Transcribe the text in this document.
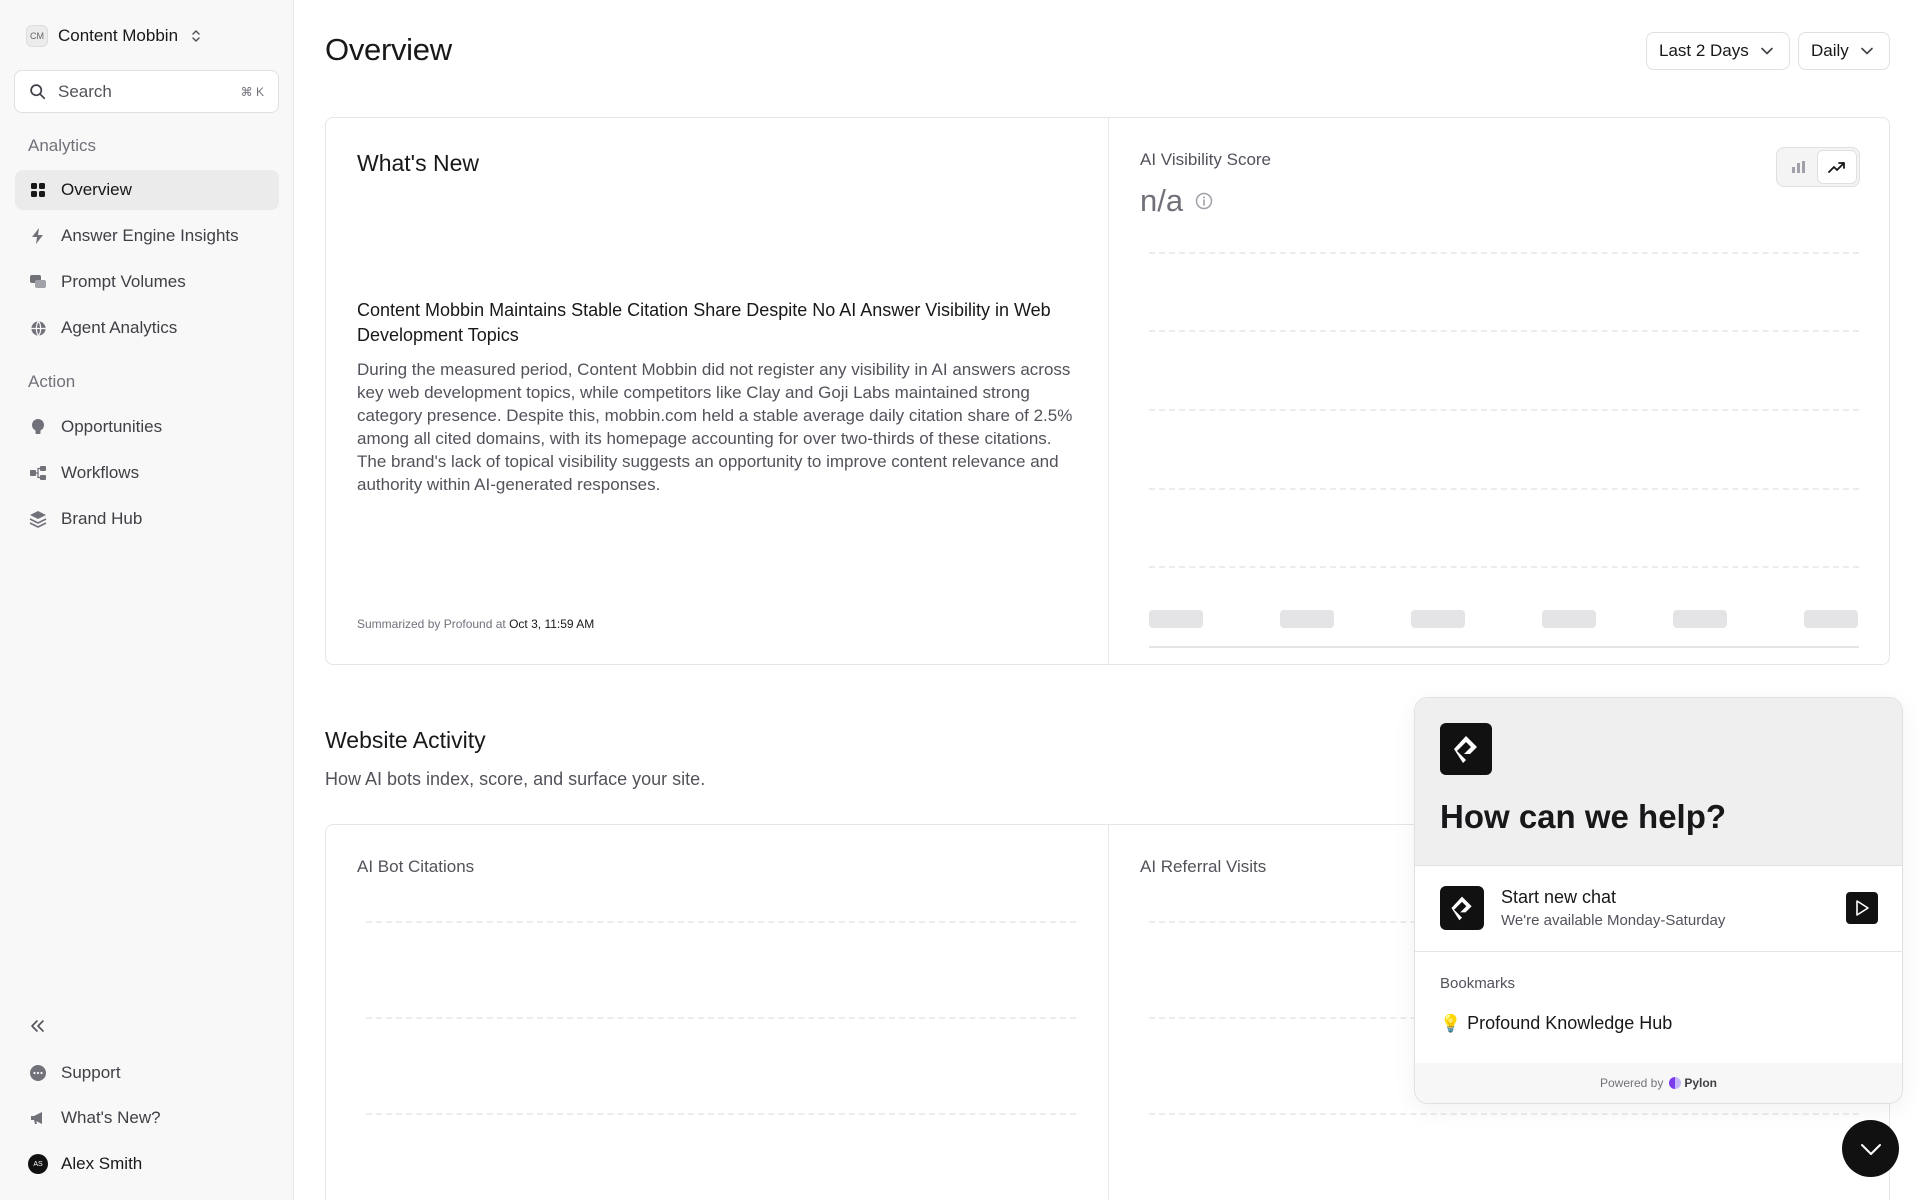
CM Content Mobbin
Search	⌘ K
Analytics
Overview
Answer Engine Insights
Prompt Volumes
Agent Analytics
Action
Opportunities
Workflows
Brand Hub
Support
What's New?
AS	Alex Smith
Overview	Last 2 Days	Daily
What's New
Content Mobbin Maintains Stable Citation Share Despite No AI Answer Visibility in Web Development Topics

During the measured period, Content Mobbin did not register any visibility in AI answers across key web development topics, while competitors like Clay and Goji Labs maintained strong category presence. Despite this, mobbin.com held a stable average daily citation share of 2.5% among all cited domains, with its homepage accounting for over two-thirds of these citations. The brand's lack of topical visibility suggests an opportunity to improve content relevance and authority within AI-generated responses.

Summarized by Profound at Oct 3, 11:59 AM
AI Visibility Score
n/a
Website Activity

How AI bots index, score, and surface your site.

AI Bot Citations	AI Referral Visits
How can we help?
Start new chat
We're available Monday-Saturday
Bookmarks
💡 Profound Knowledge Hub
Powered by Pylon
